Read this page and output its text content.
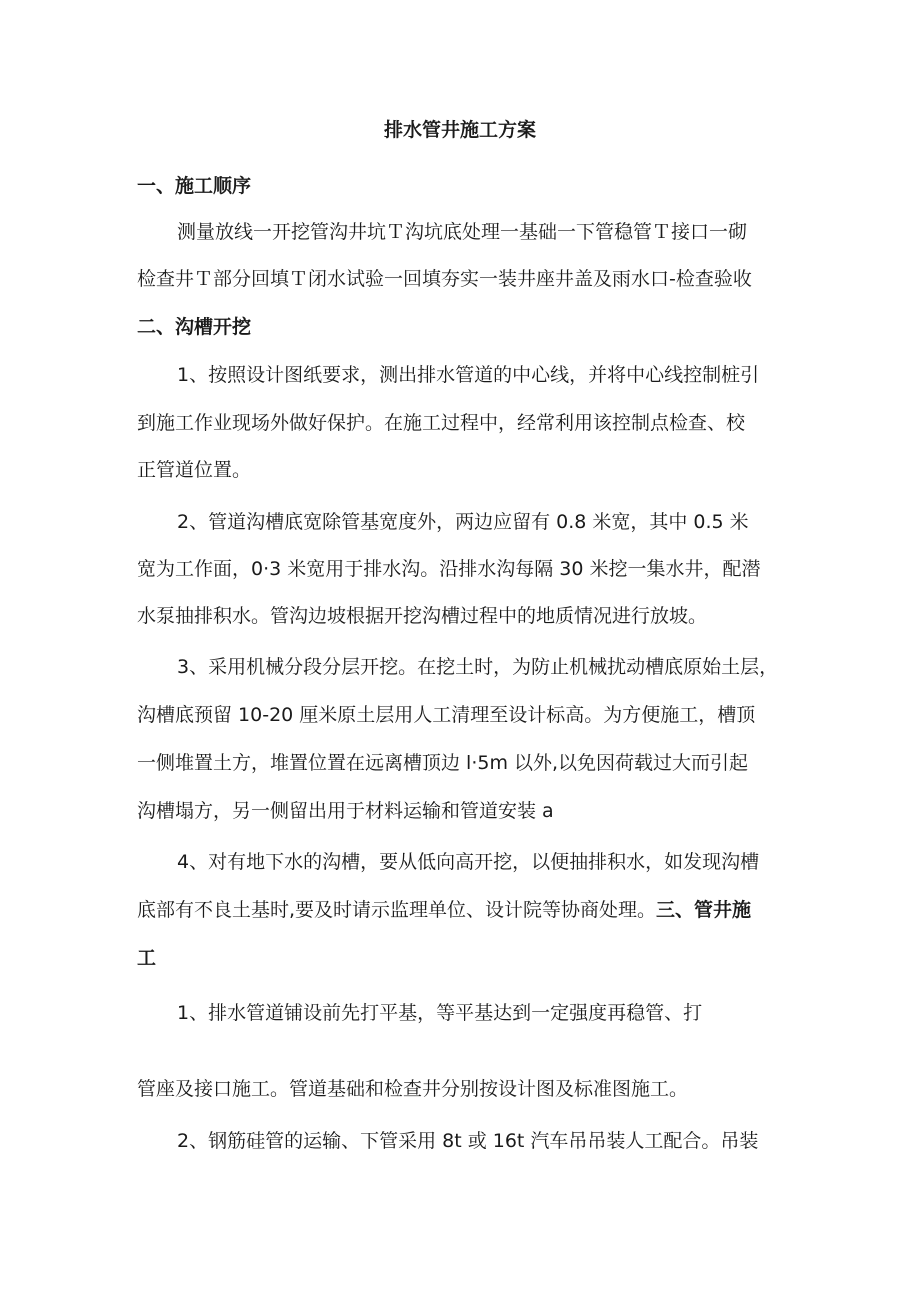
排水管井施工方案
一、施工顺序
测量放线一开挖管沟井坑Ｔ沟坑底处理一基础一下管稳管Ｔ接口一砌
检查井Ｔ部分回填Ｔ闭水试验一回填夯实一装井座井盖及雨水口-检查验收
二、沟槽开挖
1、按照设计图纸要求，测出排水管道的中心线，并将中心线控制桩引
到施工作业现场外做好保护。在施工过程中，经常利用该控制点检查、校
正管道位置。
2、管道沟槽底宽除管基宽度外，两边应留有 0.8 米宽，其中 0.5 米
宽为工作面，0·3 米宽用于排水沟。沿排水沟每隔 30 米挖一集水井，配潜
水泵抽排积水。管沟边坡根据开挖沟槽过程中的地质情况进行放坡。
3、采用机械分段分层开挖。在挖土时，为防止机械扰动槽底原始土层，
沟槽底预留 10-20 厘米原土层用人工清理至设计标高。为方便施工，槽顶
一侧堆置土方，堆置位置在远离槽顶边 l·5m 以外,以免因荷载过大而引起
沟槽塌方，另一侧留出用于材料运输和管道安装 a
4、对有地下水的沟槽，要从低向高开挖，以便抽排积水，如发现沟槽
底部有不良土基时,要及时请示监理单位、设计院等协商处理。三、管井施
工
1、排水管道铺设前先打平基，等平基达到一定强度再稳管、打
管座及接口施工。管道基础和检查井分别按设计图及标准图施工。
2、钢筋硅管的运输、下管采用 8t 或 16t 汽车吊吊装人工配合。吊装
